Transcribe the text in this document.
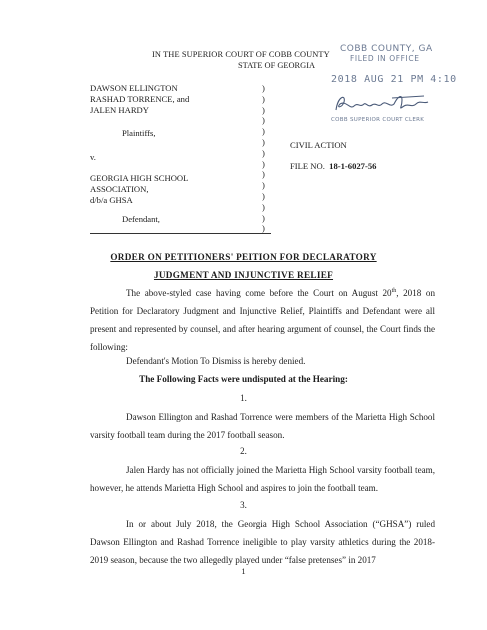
IN THE SUPERIOR COURT OF COBB COUNTY
STATE OF GEORGIA
COBB COUNTY, GA
FILED IN OFFICE
2018 AUG 21 PM 4:10
COBB SUPERIOR COURT CLERK
DAWSON ELLINGTON
RASHAD TORRENCE, and
JALEN HARDY
Plaintiffs,
v.
GEORGIA HIGH SCHOOL
ASSOCIATION,
d/b/a GHSA
Defendant,
)
)
)
)
)
)
)
)
)
)
)
)
)
)
CIVIL ACTION
FILE NO. 18-1-6027-56
ORDER ON PETITIONERS' PEITION FOR DECLARATORY
JUDGMENT AND INJUNCTIVE RELIEF
The above-styled case having come before the Court on August 20th, 2018 on Petition for Declaratory Judgment and Injunctive Relief, Plaintiffs and Defendant were all present and represented by counsel, and after hearing argument of counsel, the Court finds the following:
Defendant's Motion To Dismiss is hereby denied.
The Following Facts were undisputed at the Hearing:
1.
Dawson Ellington and Rashad Torrence were members of the Marietta High School varsity football team during the 2017 football season.
2.
Jalen Hardy has not officially joined the Marietta High School varsity football team, however, he attends Marietta High School and aspires to join the football team.
3.
In or about July 2018, the Georgia High School Association (“GHSA”) ruled Dawson Ellington and Rashad Torrence ineligible to play varsity athletics during the 2018-2019 season, because the two allegedly played under “false pretenses” in 2017
1
